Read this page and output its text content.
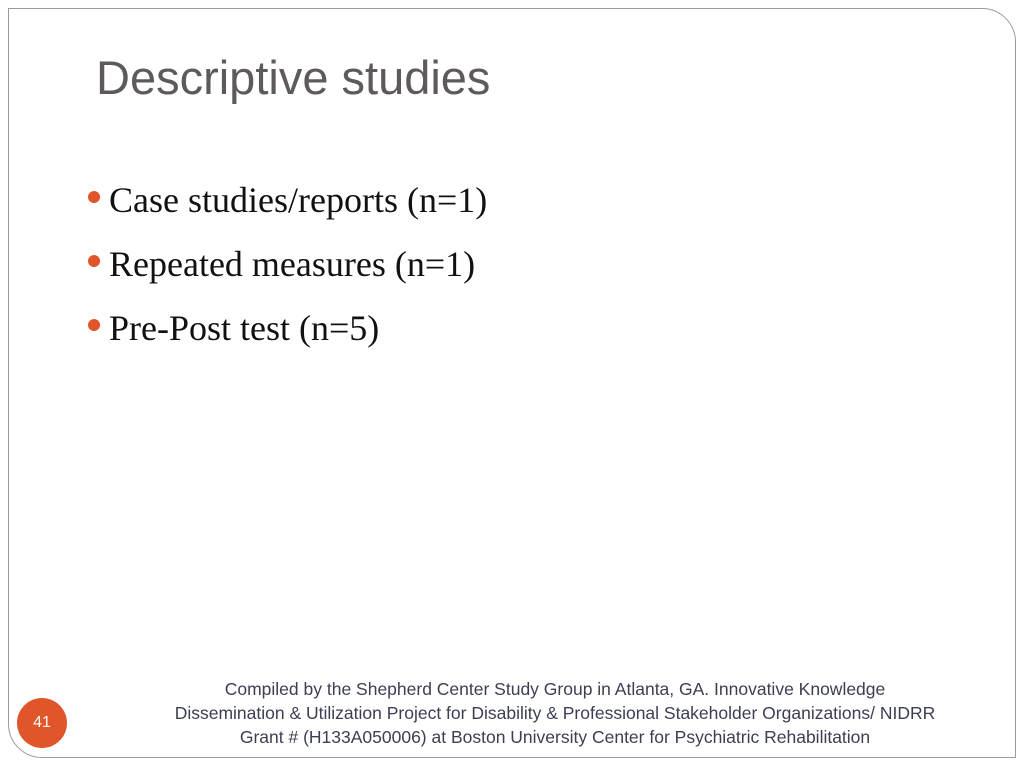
Descriptive studies
Case studies/reports (n=1)
Repeated measures (n=1)
Pre-Post test (n=5)

Compiled by the Shepherd Center Study Group in Atlanta, GA. Innovative Knowledge
Dissemination & Utilization Project for Disability & Professional Stakeholder Organizations/ NIDRR
Grant # (H133A050006) at Boston University Center for Psychiatric Rehabilitation

41
